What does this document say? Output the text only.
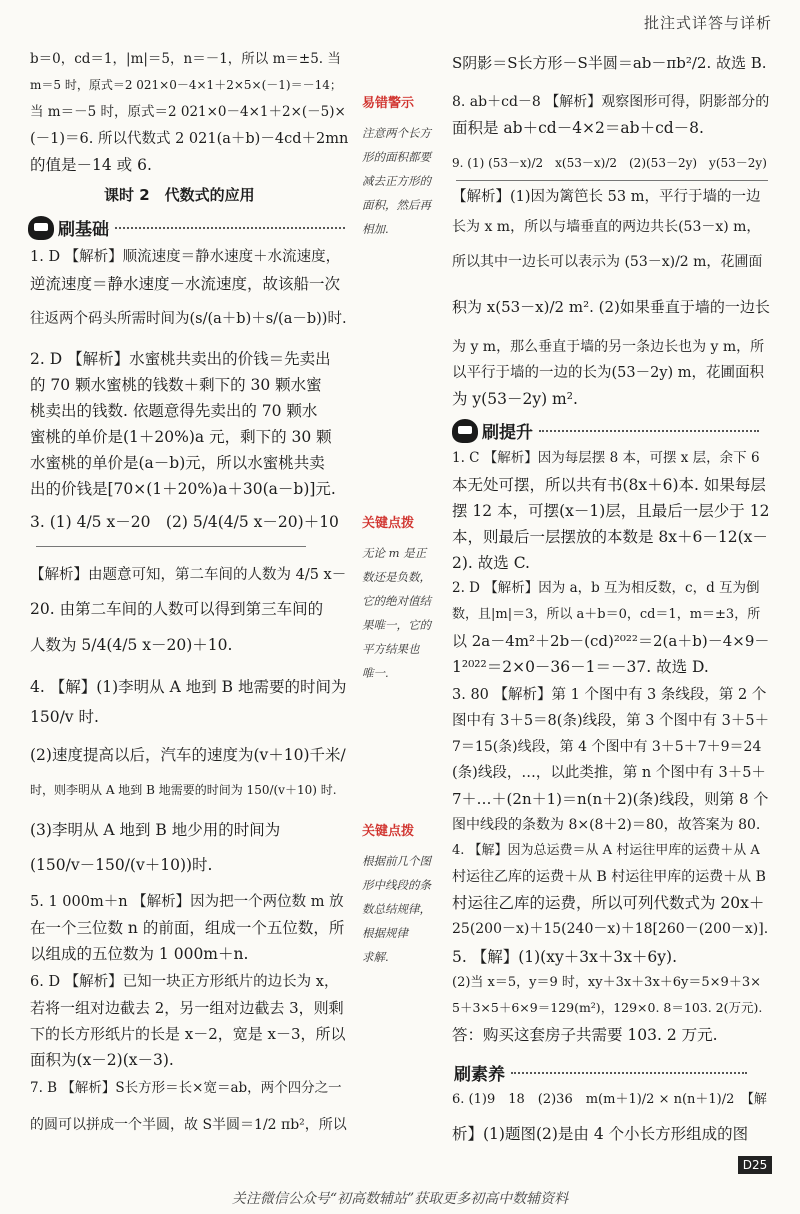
批注式详答与详析
b＝0，cd＝1，|m|＝5，n＝－1，所以 m＝±5. 当
m＝5 时，原式＝2 021×0－4×1＋2×5×(－1)＝－14；
当 m＝－5 时，原式＝2 021×0－4×1＋2×(－5)×
(－1)＝6. 所以代数式 2 021(a＋b)－4cd＋2mn
的值是－14 或 6.
1. D 【解析】顺流速度＝静水速度＋水流速度，
逆流速度＝静水速度－水流速度，故该船一次
往返两个码头所需时间为(s/(a＋b)＋s/(a－b))时.
2. D 【解析】水蜜桃共卖出的价钱＝先卖出
的 70 颗水蜜桃的钱数＋剩下的 30 颗水蜜
桃卖出的钱数. 依题意得先卖出的 70 颗水
蜜桃的单价是(1＋20%)a 元，剩下的 30 颗
水蜜桃的单价是(a－b)元，所以水蜜桃共卖
出的价钱是[70×(1＋20%)a＋30(a－b)]元.
3. (1) 4/5 x－20　(2) 5/4(4/5 x－20)＋10
【解析】由题意可知，第二车间的人数为 4/5 x－
20. 由第二车间的人数可以得到第三车间的
人数为 5/4(4/5 x－20)＋10.
4. 【解】(1)李明从 A 地到 B 地需要的时间为
150/v 时.
(2)速度提高以后，汽车的速度为(v＋10)千米/
时，则李明从 A 地到 B 地需要的时间为 150/(v＋10) 时.
(3)李明从 A 地到 B 地少用的时间为
(150/v－150/(v＋10))时.
5. 1 000m＋n 【解析】因为把一个两位数 m 放
在一个三位数 n 的前面，组成一个五位数，所
以组成的五位数为 1 000m＋n.
6. D 【解析】已知一块正方形纸片的边长为 x，
若将一组对边截去 2，另一组对边截去 3，则剩
下的长方形纸片的长是 x－2，宽是 x－3，所以
面积为(x－2)(x－3).
7. B 【解析】S长方形＝长×宽＝ab，两个四分之一
的圆可以拼成一个半圆，故 S半圆＝1/2 πb²，所以
课时 2　代数式的应用
刷基础
易错警示
注意两个长方
形的面积都要
减去正方形的
面积，然后再
相加.
关键点拨
无论 m 是正
数还是负数，
它的绝对值结
果唯一，它的
平方结果也
唯一.
关键点拨
根据前几个图
形中线段的条
数总结规律，
根据规律
求解.
S阴影＝S长方形－S半圆＝ab－πb²/2. 故选 B.
8. ab＋cd－8 【解析】观察图形可得，阴影部分的
面积是 ab＋cd－4×2＝ab＋cd－8.
9. (1) (53－x)/2　x(53－x)/2　(2)(53－2y)　y(53－2y)
【解析】(1)因为篱笆长 53 m，平行于墙的一边
长为 x m，所以与墙垂直的两边共长(53－x) m，
所以其中一边长可以表示为 (53－x)/2 m，花圃面
积为 x(53－x)/2 m². (2)如果垂直于墙的一边长
为 y m，那么垂直于墙的另一条边长也为 y m，所
以平行于墙的一边的长为(53－2y) m，花圃面积
为 y(53－2y) m².
1. C 【解析】因为每层摆 8 本，可摆 x 层，余下 6
本无处可摆，所以共有书(8x＋6)本. 如果每层
摆 12 本，可摆(x－1)层，且最后一层少于 12
本，则最后一层摆放的本数是 8x＋6－12(x－
2). 故选 C.
2. D 【解析】因为 a，b 互为相反数，c，d 互为倒
数，且|m|＝3，所以 a＋b＝0，cd＝1，m＝±3，所
以 2a－4m²＋2b－(cd)²⁰²²＝2(a＋b)－4×9－
1²⁰²²＝2×0－36－1＝－37. 故选 D.
3. 80 【解析】第 1 个图中有 3 条线段，第 2 个
图中有 3＋5＝8(条)线段，第 3 个图中有 3＋5＋
7＝15(条)线段，第 4 个图中有 3＋5＋7＋9＝24
(条)线段，…，以此类推，第 n 个图中有 3＋5＋
7＋…＋(2n＋1)＝n(n＋2)(条)线段，则第 8 个
图中线段的条数为 8×(8＋2)＝80，故答案为 80.
4. 【解】因为总运费＝从 A 村运往甲库的运费＋从 A
村运往乙库的运费＋从 B 村运往甲库的运费＋从 B
村运往乙库的运费，所以可列代数式为 20x＋
25(200－x)＋15(240－x)＋18[260－(200－x)].
5. 【解】(1)(xy＋3x＋3x＋6y).
(2)当 x＝5，y＝9 时，xy＋3x＋3x＋6y＝5×9＋3×
5＋3×5＋6×9＝129(m²)，129×0. 8＝103. 2(万元).
答：购买这套房子共需要 103. 2 万元.
6. (1)9　18　(2)36　m(m＋1)/2 × n(n＋1)/2　【解
析】(1)题图(2)是由 4 个小长方形组成的图
刷提升
刷素养
D25
关注微信公众号“初高数辅站”获取更多初高中数辅资料
